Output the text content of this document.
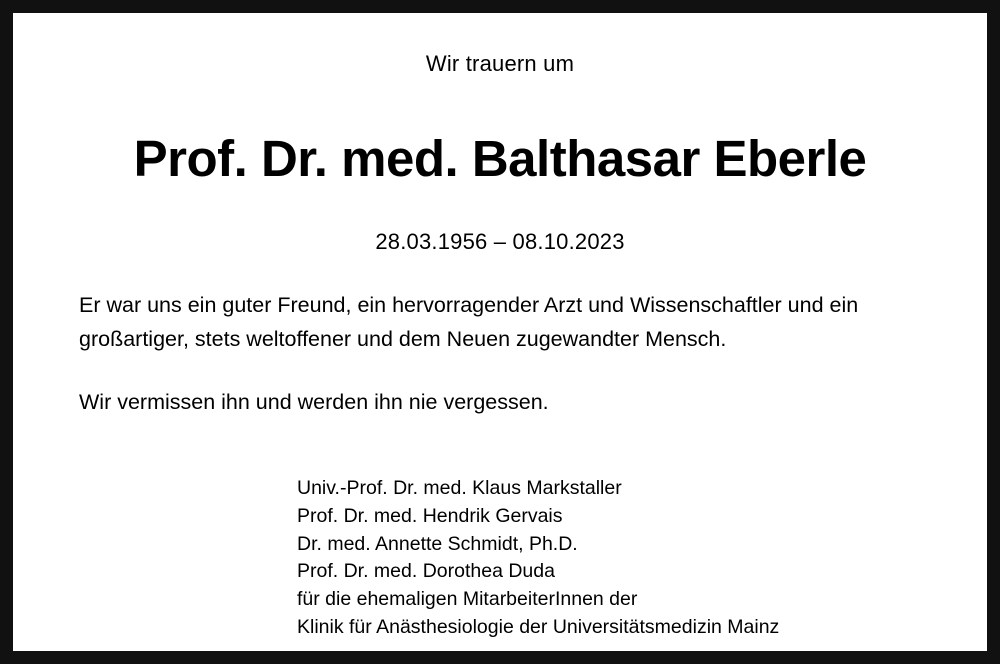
Wir trauern um
Prof. Dr. med. Balthasar Eberle
28.03.1956 – 08.10.2023

Er war uns ein guter Freund, ein hervorragender Arzt und Wissenschaftler und ein großartiger, stets weltoffener und dem Neuen zugewandter Mensch.

Wir vermissen ihn und werden ihn nie vergessen.

Univ.-Prof. Dr. med. Klaus Markstaller
Prof. Dr. med. Hendrik Gervais
Dr. med. Annette Schmidt, Ph.D.
Prof. Dr. med. Dorothea Duda
für die ehemaligen MitarbeiterInnen der
Klinik für Anästhesiologie der Universitätsmedizin Mainz
